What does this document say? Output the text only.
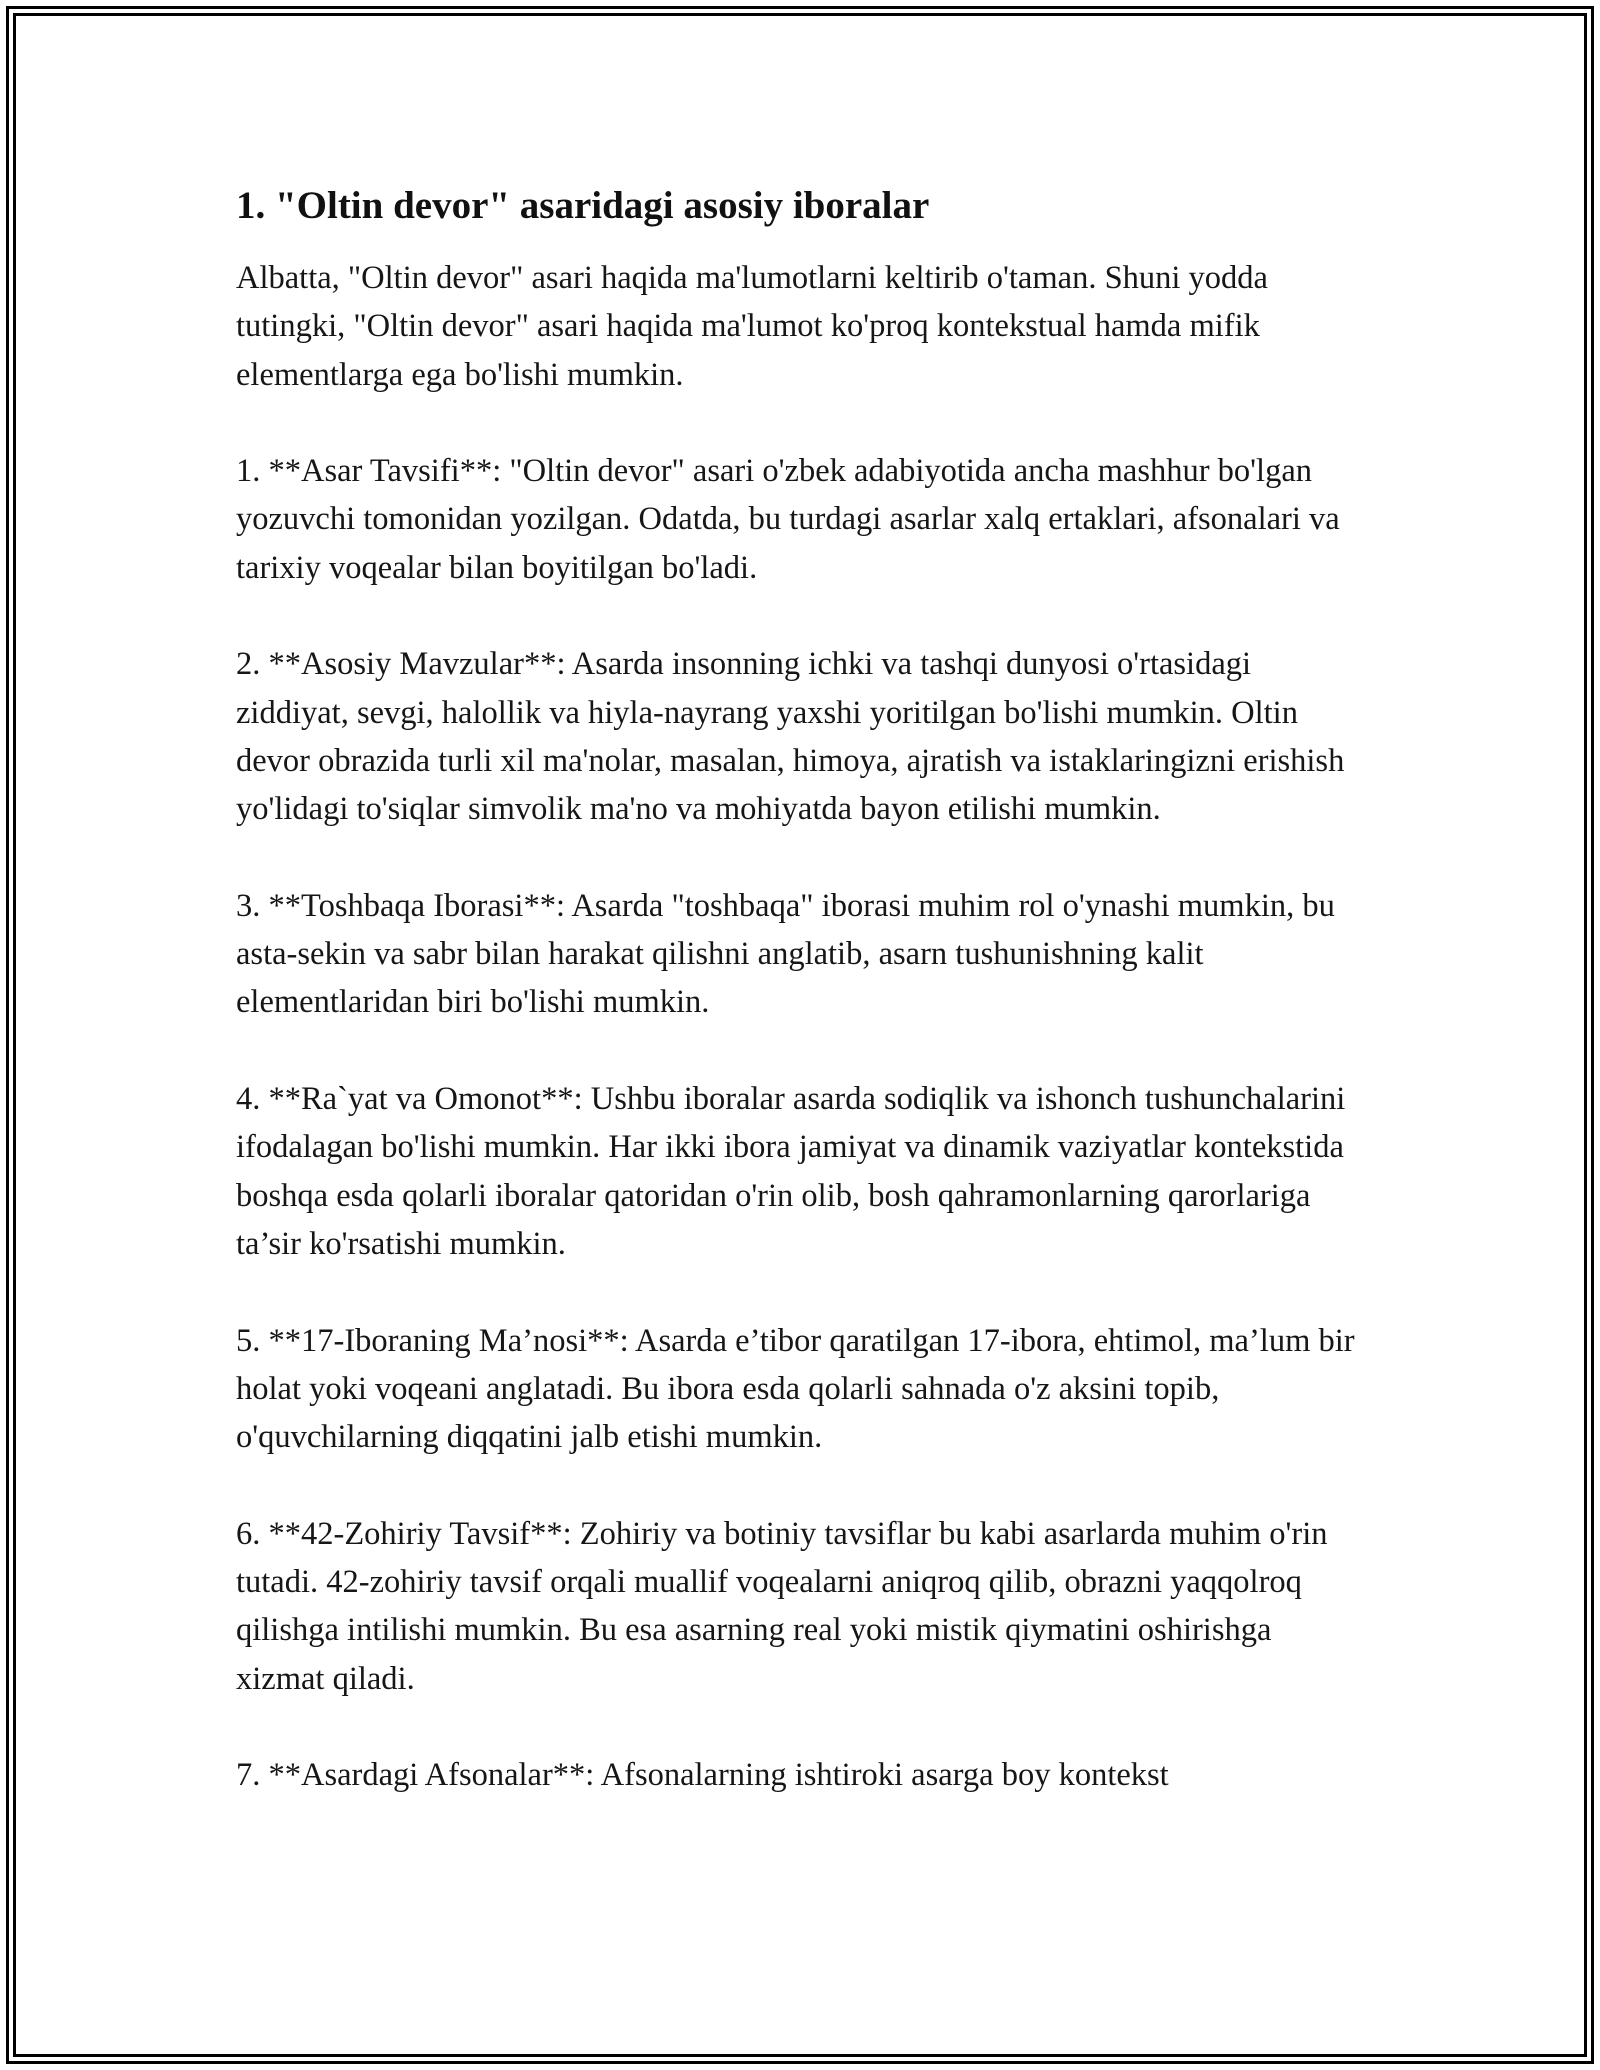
1. "Oltin devor" asaridagi asosiy iboralar

Albatta, "Oltin devor" asari haqida ma'lumotlarni keltirib o'taman. Shuni yodda tutingki, "Oltin devor" asari haqida ma'lumot ko'proq kontekstual hamda mifik elementlarga ega bo'lishi mumkin.

1. **Asar Tavsifi**: "Oltin devor" asari o'zbek adabiyotida ancha mashhur bo'lgan yozuvchi tomonidan yozilgan. Odatda, bu turdagi asarlar xalq ertaklari, afsonalari va tarixiy voqealar bilan boyitilgan bo'ladi.

2. **Asosiy Mavzular**: Asarda insonning ichki va tashqi dunyosi o'rtasidagi ziddiyat, sevgi, halollik va hiyla-nayrang yaxshi yoritilgan bo'lishi mumkin. Oltin devor obrazida turli xil ma'nolar, masalan, himoya, ajratish va istaklaringizni erishish yo'lidagi to'siqlar simvolik ma'no va mohiyatda bayon etilishi mumkin.

3. **Toshbaqa Iborasi**: Asarda "toshbaqa" iborasi muhim rol o'ynashi mumkin, bu asta-sekin va sabr bilan harakat qilishni anglatib, asarn tushunishning kalit elementlaridan biri bo'lishi mumkin.

4. **Ra`yat va Omonot**: Ushbu iboralar asarda sodiqlik va ishonch tushunchalarini ifodalagan bo'lishi mumkin. Har ikki ibora jamiyat va dinamik vaziyatlar kontekstida boshqa esda qolarli iboralar qatoridan o'rin olib, bosh qahramonlarning qarorlariga ta’sir ko'rsatishi mumkin.

5. **17-Iboraning Ma’nosi**: Asarda e’tibor qaratilgan 17-ibora, ehtimol, ma’lum bir holat yoki voqeani anglatadi. Bu ibora esda qolarli sahnada o'z aksini topib, o'quvchilarning diqqatini jalb etishi mumkin.

6. **42-Zohiriy Tavsif**: Zohiriy va botiniy tavsiflar bu kabi asarlarda muhim o'rin tutadi. 42-zohiriy tavsif orqali muallif voqealarni aniqroq qilib, obrazni yaqqolroq qilishga intilishi mumkin. Bu esa asarning real yoki mistik qiymatini oshirishga xizmat qiladi.

7. **Asardagi Afsonalar**: Afsonalarning ishtiroki asarga boy kontekst
